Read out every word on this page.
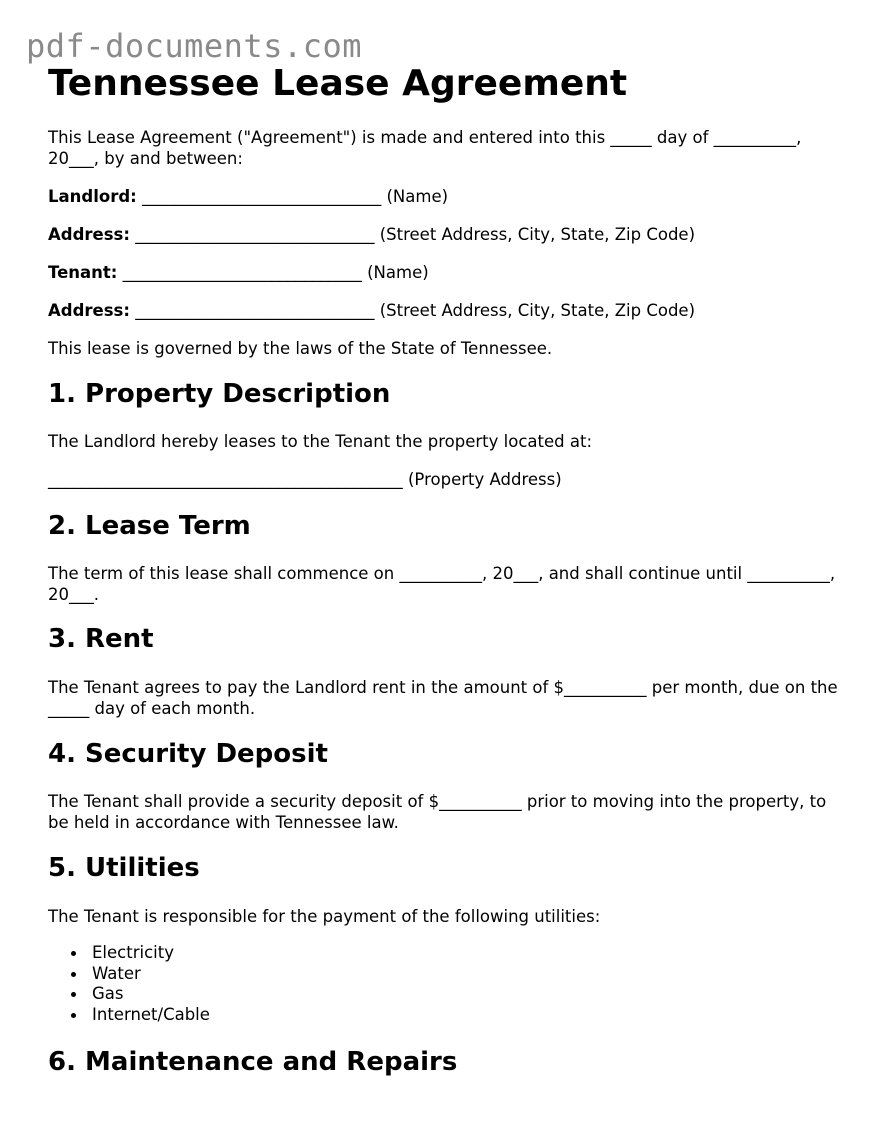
pdf-documents.com
Tennessee Lease Agreement

This Lease Agreement ("Agreement") is made and entered into this _____ day of __________, 20___, by and between:

Landlord: _____________________________ (Name)

Address: _____________________________ (Street Address, City, State, Zip Code)

Tenant: _____________________________ (Name)

Address: _____________________________ (Street Address, City, State, Zip Code)

This lease is governed by the laws of the State of Tennessee.

1. Property Description

The Landlord hereby leases to the Tenant the property located at:

___________________________________________ (Property Address)

2. Lease Term

The term of this lease shall commence on __________, 20___, and shall continue until __________, 20___.

3. Rent

The Tenant agrees to pay the Landlord rent in the amount of $__________ per month, due on the _____ day of each month.

4. Security Deposit

The Tenant shall provide a security deposit of $__________ prior to moving into the property, to be held in accordance with Tennessee law.

5. Utilities

The Tenant is responsible for the payment of the following utilities:

Electricity
Water
Gas
Internet/Cable
6. Maintenance and Repairs
